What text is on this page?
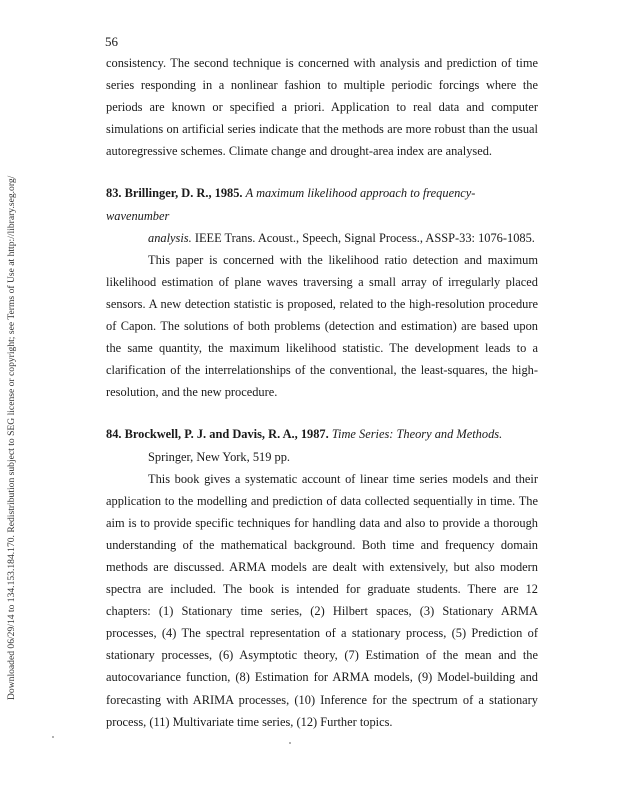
56
Downloaded 06/29/14 to 134.153.184.170. Redistribution subject to SEG license or copyright; see Terms of Use at http://library.seg.org/

consistency. The second technique is concerned with analysis and prediction of time series responding in a nonlinear fashion to multiple periodic forcings where the periods are known or specified a priori. Application to real data and computer simulations on artificial series indicate that the methods are more robust than the usual autoregressive schemes. Climate change and drought-area index are analysed.

83. Brillinger, D. R., 1985. A maximum likelihood approach to frequency-wavenumber

analysis. IEEE Trans. Acoust., Speech, Signal Process., ASSP-33: 1076-1085.

This paper is concerned with the likelihood ratio detection and maximum likelihood estimation of plane waves traversing a small array of irregularly placed sensors. A new detection statistic is proposed, related to the high-resolution procedure of Capon. The solutions of both problems (detection and estimation) are based upon the same quantity, the maximum likelihood statistic. The development leads to a clarification of the interrelationships of the conventional, the least-squares, the high-resolution, and the new procedure.

84. Brockwell, P. J. and Davis, R. A., 1987. Time Series: Theory and Methods.

Springer, New York, 519 pp.

This book gives a systematic account of linear time series models and their application to the modelling and prediction of data collected sequentially in time. The aim is to provide specific techniques for handling data and also to provide a thorough understanding of the mathematical background. Both time and frequency domain methods are discussed. ARMA models are dealt with extensively, but also modern spectra are included. The book is intended for graduate students. There are 12 chapters: (1) Stationary time series, (2) Hilbert spaces, (3) Stationary ARMA processes, (4) The spectral representation of a stationary process, (5) Prediction of stationary processes, (6) Asymptotic theory, (7) Estimation of the mean and the autocovariance function, (8) Estimation for ARMA models, (9) Model-building and forecasting with ARIMA processes, (10) Inference for the spectrum of a stationary process, (11) Multivariate time series, (12) Further topics.
